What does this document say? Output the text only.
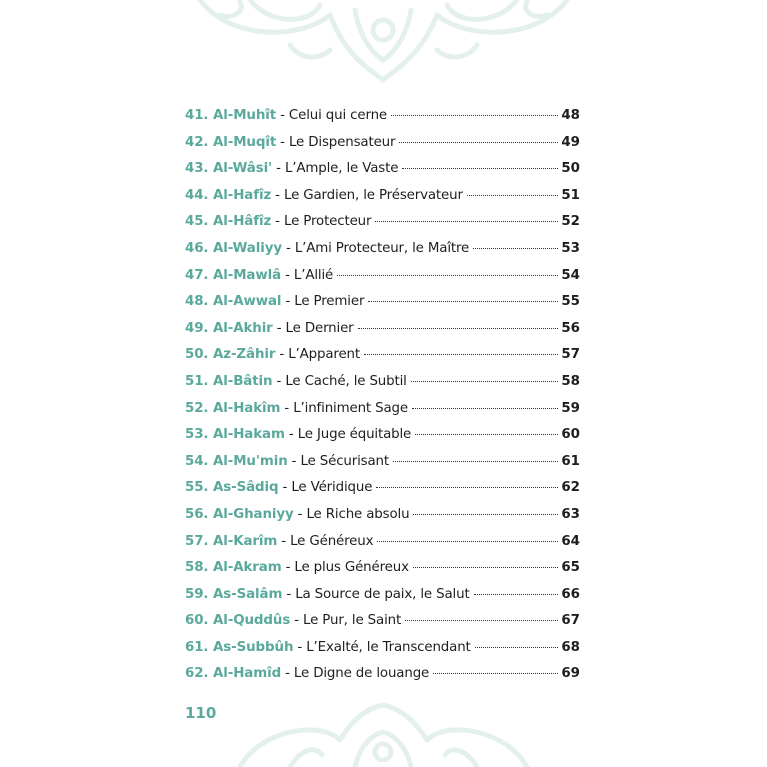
41. Al-Muhît - Celui qui cerne	48
42. Al-Muqît - Le Dispensateur	49
43. Al-Wâsi' - L’Ample, le Vaste	50
44. Al-Hafîz - Le Gardien, le Préservateur	51
45. Al-Hâfîz - Le Protecteur	52
46. Al-Waliyy - L’Ami Protecteur, le Maître	53
47. Al-Mawlâ - L’Allié	54
48. Al-Awwal - Le Premier	55
49. Al-Âkhir - Le Dernier	56
50. Az-Zâhir - L’Apparent	57
51. Al-Bâtin - Le Caché, le Subtil	58
52. Al-Hakîm - L’infiniment Sage	59
53. Al-Hakam - Le Juge équitable	60
54. Al-Mu'min - Le Sécurisant	61
55. As-Sâdiq - Le Véridique	62
56. Al-Ghaniyy - Le Riche absolu	63
57. Al-Karîm - Le Généreux	64
58. Al-Akram - Le plus Généreux	65
59. As-Salâm - La Source de paix, le Salut	66
60. Al-Quddûs - Le Pur, le Saint	67
61. As-Subbûh - L’Exalté, le Transcendant	68
62. Al-Hamîd - Le Digne de louange	69
110
